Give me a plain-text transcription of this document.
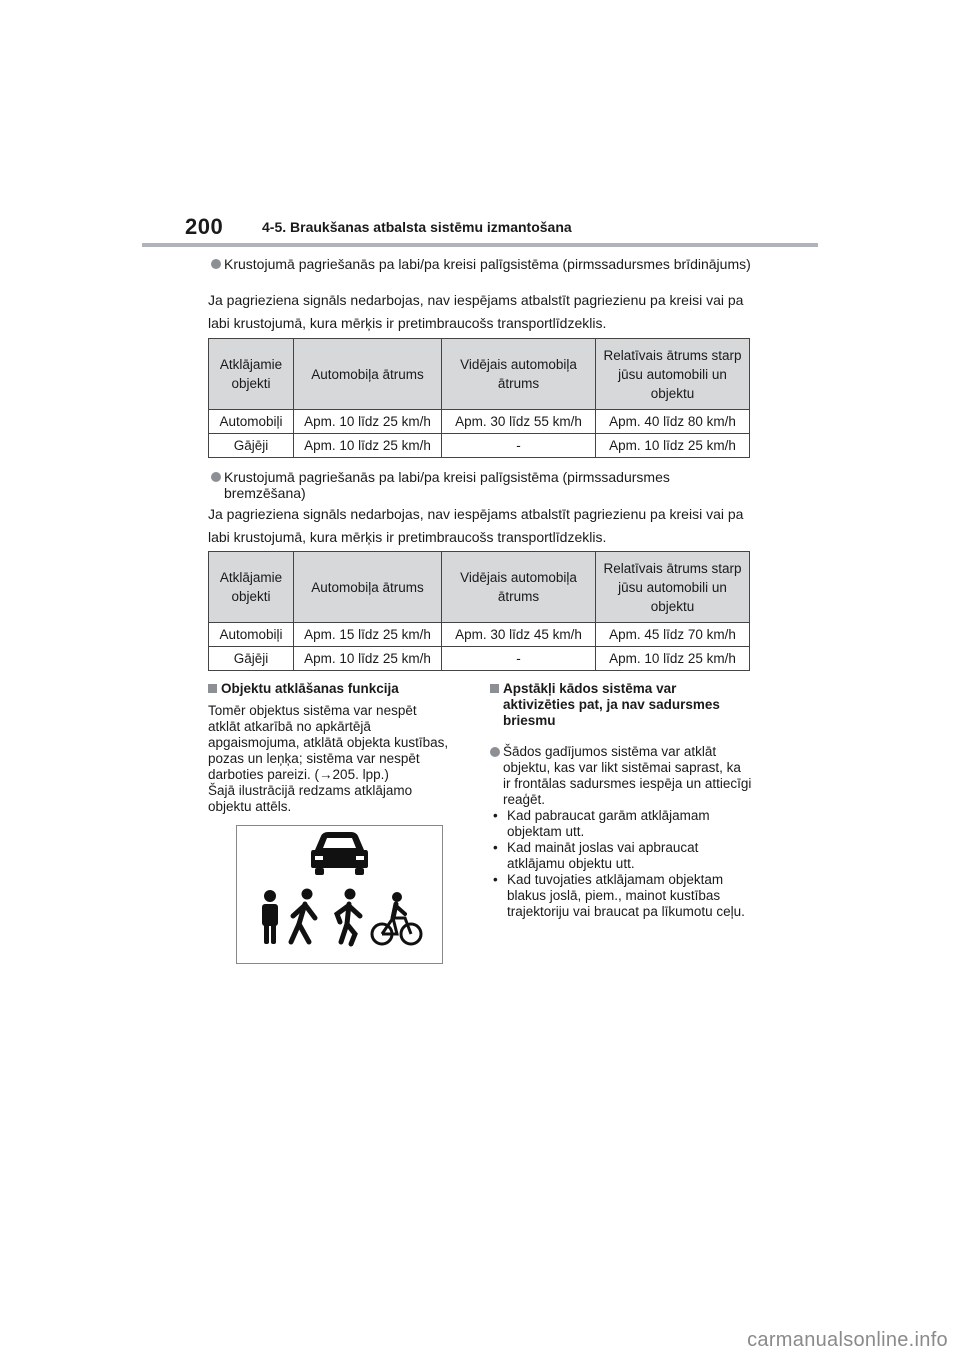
200	4-5. Braukšanas atbalsta sistēmu izmantošana
Krustojumā pagriešanās pa labi/pa kreisi palīgsistēma (pirmssadursmes brīdinājums)
Ja pagrieziena signāls nedarbojas, nav iespējams atbalstīt pagriezienu pa kreisi vai pa labi krustojumā, kura mērķis ir pretimbraucošs transportlīdzeklis.
Atklājamie objekti	Automobiļa ātrums	Vidējais automobiļa ātrums	Relatīvais ātrums starp jūsu automobili un objektu
Automobiļi	Apm. 10 līdz 25 km/h	Apm. 30 līdz 55 km/h	Apm. 40 līdz 80 km/h
Gājēji	Apm. 10 līdz 25 km/h	-	Apm. 10 līdz 25 km/h
Krustojumā pagriešanās pa labi/pa kreisi palīgsistēma (pirmssadursmes bremzēšana)
Ja pagrieziena signāls nedarbojas, nav iespējams atbalstīt pagriezienu pa kreisi vai pa labi krustojumā, kura mērķis ir pretimbraucošs transportlīdzeklis.
Atklājamie objekti	Automobiļa ātrums	Vidējais automobiļa ātrums	Relatīvais ātrums starp jūsu automobili un objektu
Automobiļi	Apm. 15 līdz 25 km/h	Apm. 30 līdz 45 km/h	Apm. 45 līdz 70 km/h
Gājēji	Apm. 10 līdz 25 km/h	-	Apm. 10 līdz 25 km/h
Objektu atklāšanas funkcija
Tomēr objektus sistēma var nespēt
atklāt atkarībā no apkārtējā
apgaismojuma, atklātā objekta kustības,
pozas un leņķa; sistēma var nespēt
darboties pareizi. (→205. lpp.)
Šajā ilustrācijā redzams atklājamo
objektu attēls.
Apstākļi kādos sistēma var aktivizēties pat, ja nav sadursmes briesmu
Šādos gadījumos sistēma var atklāt objektu, kas var likt sistēmai saprast, ka ir frontālas sadursmes iespēja un attiecīgi reaģēt.
• Kad pabraucat garām atklājamam objektam utt.
• Kad maināt joslas vai apbraucat atklājamu objektu utt.
• Kad tuvojaties atklājamam objektam blakus joslā, piem., mainot kustības trajektoriju vai braucat pa līkumotu ceļu.
carmanualsonline.info
